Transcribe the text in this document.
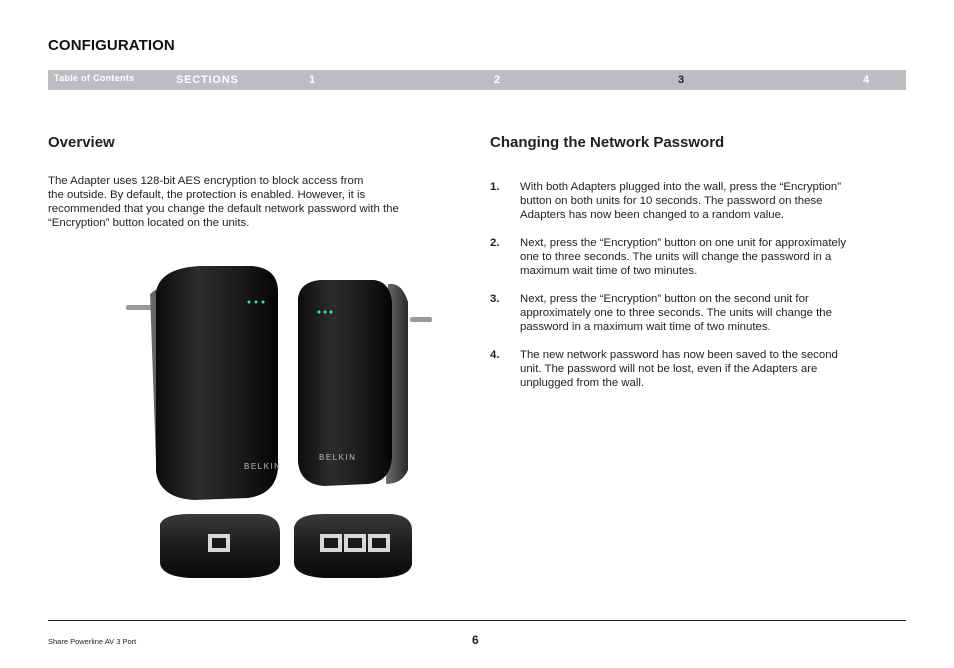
CONFIGURATION
Table of Contents	SECTIONS	1	2	3	4
Overview
The Adapter uses 128-bit AES encryption to block access from
the outside. By default, the protection is enabled. However, it is
recommended that you change the default network password with the
“Encryption” button located on the units.
BELKIN
BELKIN
Changing the Network Password
1. With both Adapters plugged into the wall, press the “Encryption”
button on both units for 10 seconds. The password on these
Adapters has now been changed to a random value.
2. Next, press the “Encryption” button on one unit for approximately
one to three seconds. The units will change the password in a
maximum wait time of two minutes.
3. Next, press the “Encryption” button on the second unit for
approximately one to three seconds. The units will change the
password in a maximum wait time of two minutes.
4. The new network password has now been saved to the second
unit. The password will not be lost, even if the Adapters are
unplugged from the wall.
Share Powerline AV 3 Port	6
